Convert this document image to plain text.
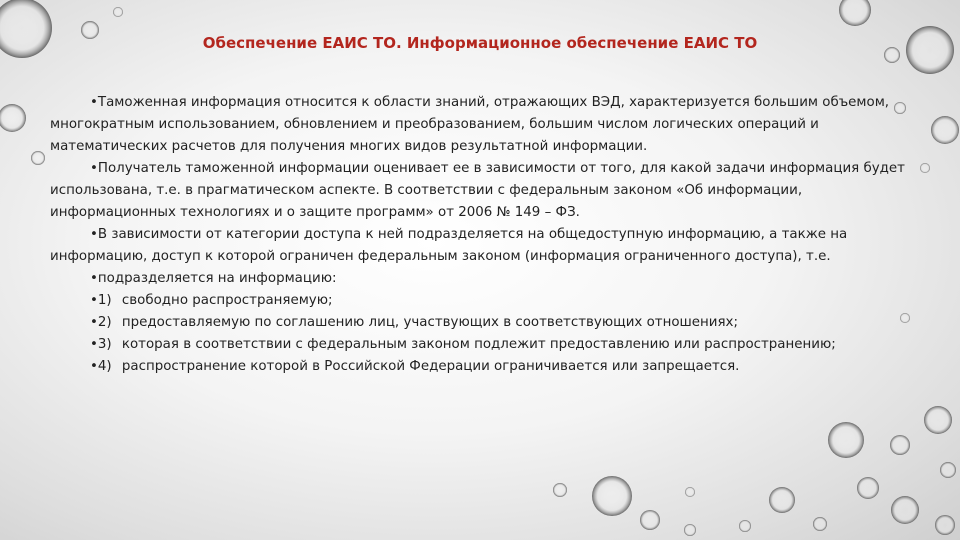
Обеспечение ЕАИС ТО. Информационное обеспечение ЕАИС ТО

•Таможенная информация относится к области знаний, отражающих ВЭД, характеризуется большим объемом, многократным использованием, обновлением и преобразованием, большим числом логических операций и математических расчетов для получения многих видов результатной информации.

•Получатель таможенной информации оценивает ее в зависимости от того, для какой задачи информация будет использована, т.е. в прагматическом аспекте. В соответствии с федеральным законом «Об информации, информационных технологиях и о защите программ» от 2006 № 149 – ФЗ.

•В зависимости от категории доступа к ней подразделяется на общедоступную информацию, а также на информацию, доступ к которой ограничен федеральным законом (информация ограниченного доступа), т.е.

•подразделяется на информацию:

•1) свободно распространяемую;

•2) предоставляемую по соглашению лиц, участвующих в соответствующих отношениях;

•3) которая в соответствии с федеральным законом подлежит предоставлению или распространению;

•4) распространение которой в Российской Федерации ограничивается или запрещается.
